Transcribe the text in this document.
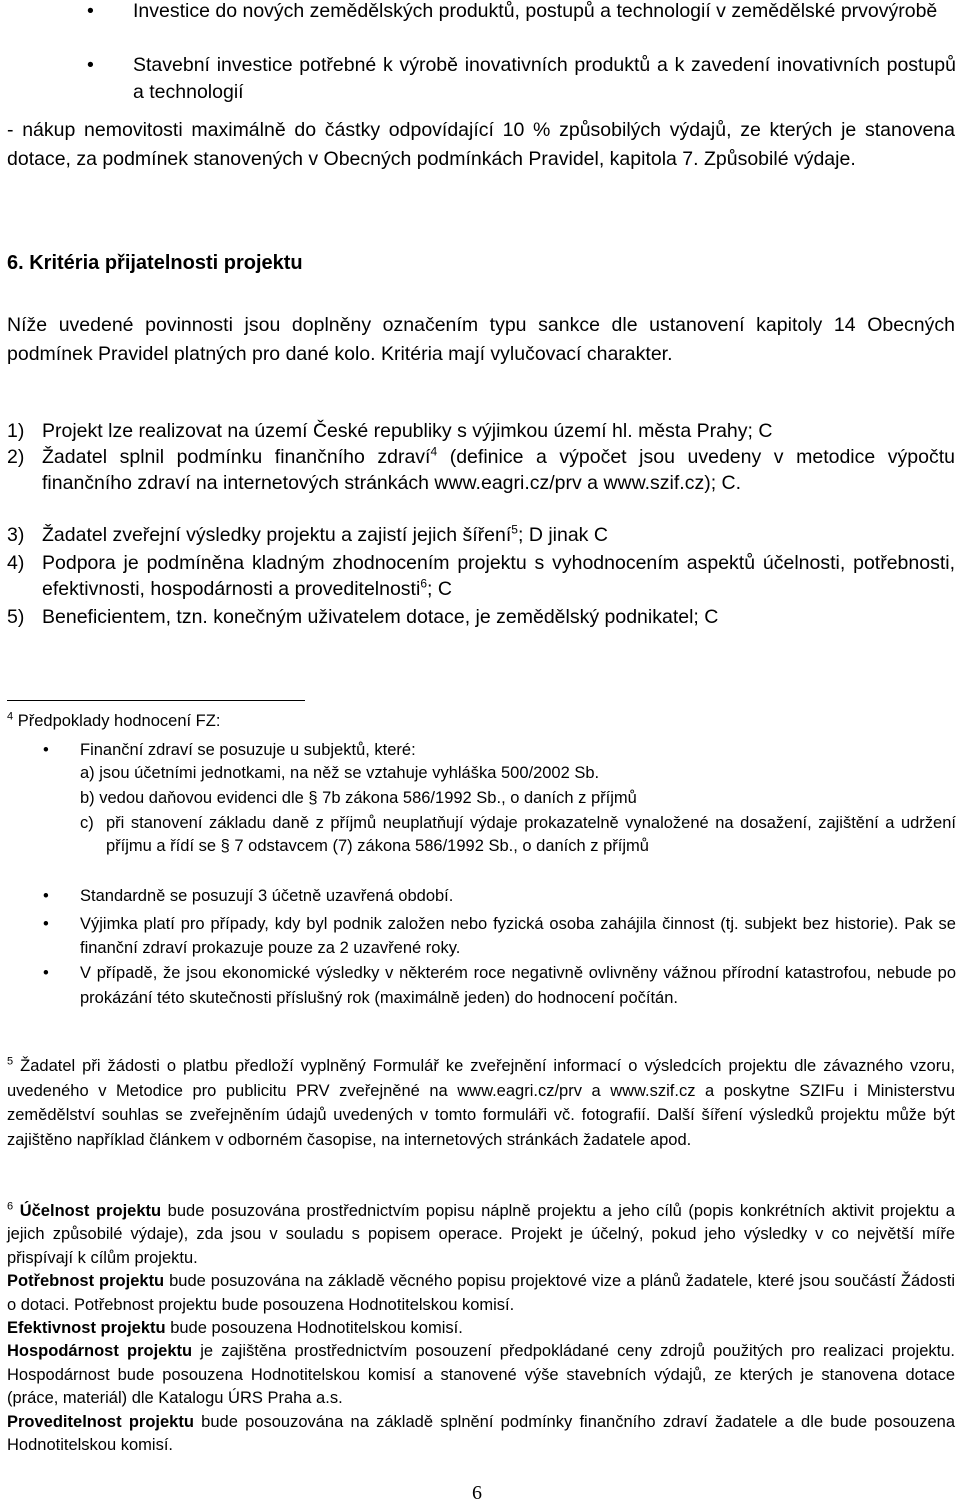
•
Investice do nových zemědělských produktů, postupů a technologií v zemědělské prvovýrobě
•
Stavební investice potřebné k výrobě inovativních produktů a k zavedení inovativních postupů a technologií
- nákup nemovitosti maximálně do částky odpovídající 10 % způsobilých výdajů, ze kterých je stanovena dotace, za podmínek stanovených v Obecných podmínkách Pravidel, kapitola 7. Způsobilé výdaje.
6. Kritéria přijatelnosti projektu
Níže uvedené povinnosti jsou doplněny označením typu sankce dle ustanovení kapitoly 14 Obecných podmínek Pravidel platných pro dané kolo. Kritéria mají vylučovací charakter.
1) Projekt lze realizovat na území České republiky s výjimkou území hl. města Prahy; C
2) Žadatel splnil podmínku finančního zdraví$^4$ (definice a výpočet jsou uvedeny v metodice výpočtu finančního zdraví na internetových stránkách www.eagri.cz/prv a www.szif.cz); C.
3) Žadatel zveřejní výsledky projektu a zajistí jejich šíření$^5$; D jinak C
4) Podpora je podmíněna kladným zhodnocením projektu s vyhodnocením aspektů účelnosti, potřebnosti, efektivnosti, hospodárnosti a proveditelnosti$^6$; C
5) Beneficientem, tzn. konečným uživatelem dotace, je zemědělský podnikatel; C
$^4$ Předpoklady hodnocení FZ:
•
Finanční zdraví se posuzuje u subjektů, které:
a) jsou účetními jednotkami, na něž se vztahuje vyhláška 500/2002 Sb.
b) vedou daňovou evidenci dle § 7b zákona 586/1992 Sb., o daních z příjmů
c) při stanovení základu daně z příjmů neuplatňují výdaje prokazatelně vynaložené na dosažení, zajištění a udržení příjmu a řídí se § 7 odstavcem (7) zákona 586/1992 Sb., o daních z příjmů
•
Standardně se posuzují 3 účetně uzavřená období.
•
Výjimka platí pro případy, kdy byl podnik založen nebo fyzická osoba zahájila činnost (tj. subjekt bez historie). Pak se finanční zdraví prokazuje pouze za 2 uzavřené roky.
•
V případě, že jsou ekonomické výsledky v některém roce negativně ovlivněny vážnou přírodní katastrofou, nebude po prokázání této skutečnosti příslušný rok (maximálně jeden) do hodnocení počítán.
$^5$ Žadatel při žádosti o platbu předloží vyplněný Formulář ke zveřejnění informací o výsledcích projektu dle závazného vzoru, uvedeného v Metodice pro publicitu PRV zveřejněné na www.eagri.cz/prv a www.szif.cz a poskytne SZIFu i Ministerstvu zemědělství souhlas se zveřejněním údajů uvedených v tomto formuláři vč. fotografií. Další šíření výsledků projektu může být zajištěno například článkem v odborném časopise, na internetových stránkách žadatele apod.
$^6$ Účelnost projektu bude posuzována prostřednictvím popisu náplně projektu a jeho cílů (popis konkrétních aktivit projektu a jejich způsobilé výdaje), zda jsou v souladu s popisem operace. Projekt je účelný, pokud jeho výsledky v co největší míře přispívají k cílům projektu.
Potřebnost projektu bude posuzována na základě věcného popisu projektové vize a plánů žadatele, které jsou součástí Žádosti o dotaci. Potřebnost projektu bude posouzena Hodnotitelskou komisí.
Efektivnost projektu bude posouzena Hodnotitelskou komisí.
Hospodárnost projektu je zajištěna prostřednictvím posouzení předpokládané ceny zdrojů použitých pro realizaci projektu. Hospodárnost bude posouzena Hodnotitelskou komisí a stanovené výše stavebních výdajů, ze kterých je stanovena dotace (práce, materiál) dle Katalogu ÚRS Praha a.s.
Proveditelnost projektu bude posouzována na základě splnění podmínky finančního zdraví žadatele a dle bude posouzena Hodnotitelskou komisí.
6
